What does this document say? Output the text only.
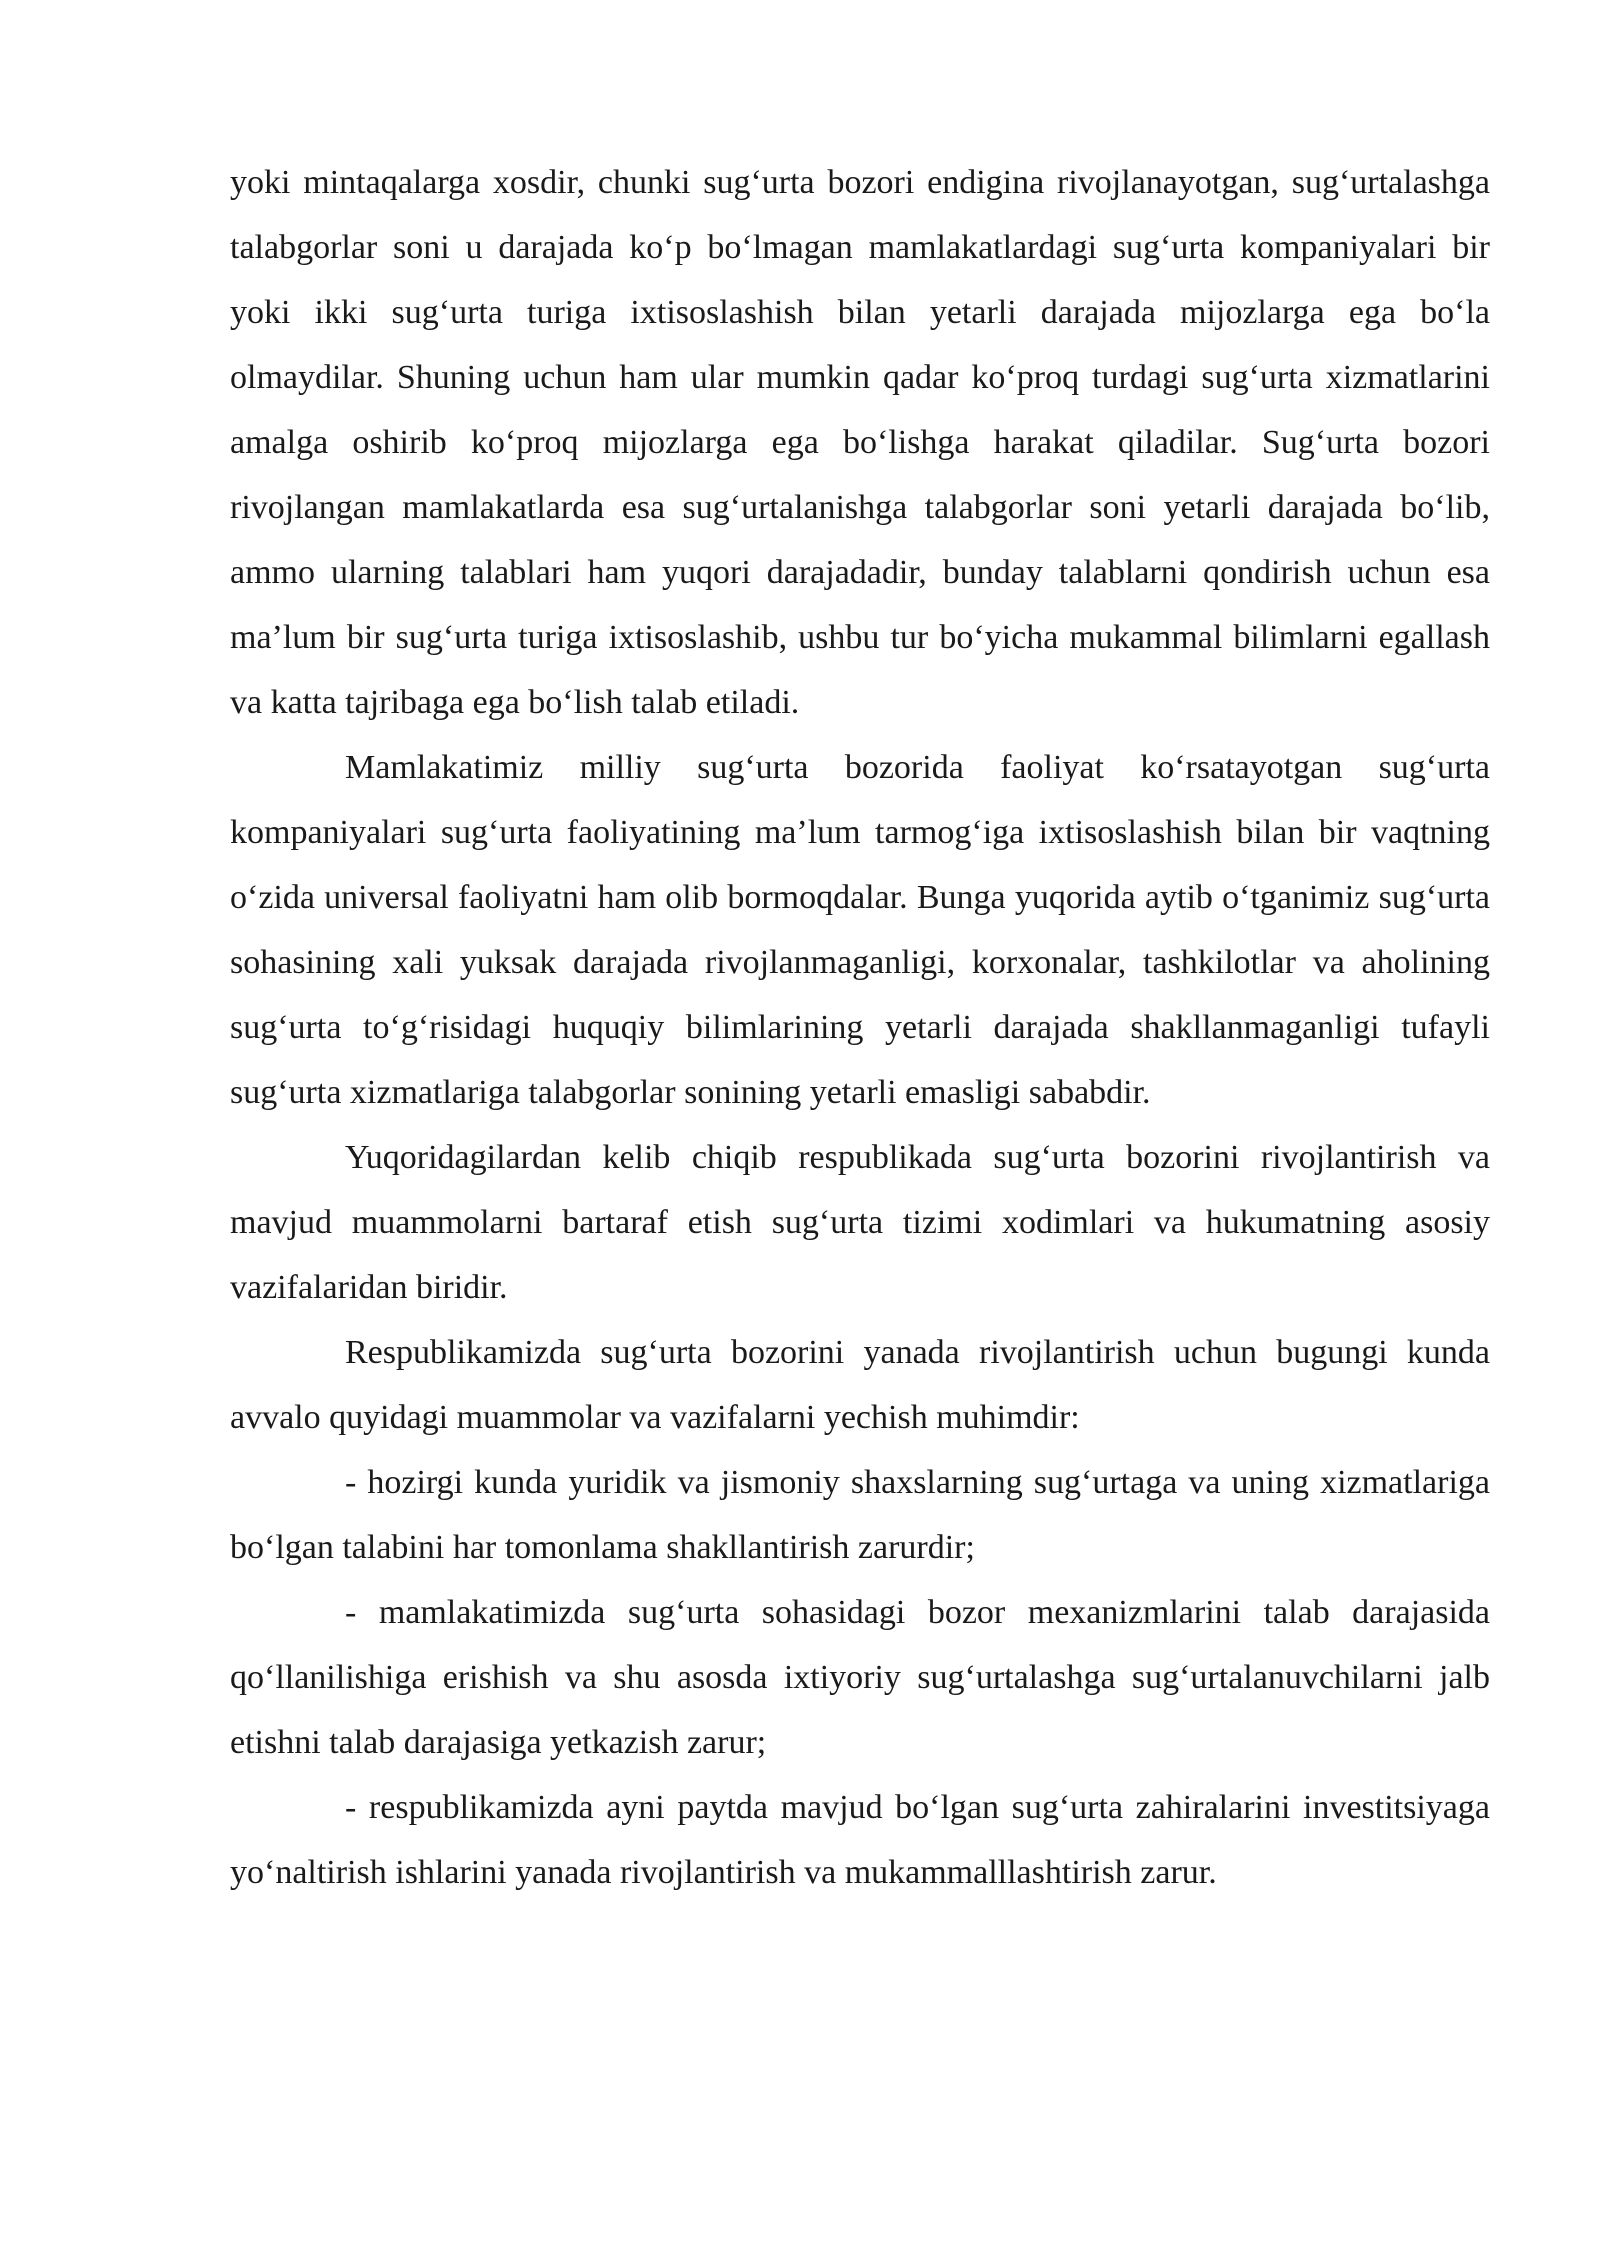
yoki mintaqalarga xosdir, chunki sug‘urta bozori endigina rivojlanayotgan, sug‘urtalashga talabgorlar soni u darajada ko‘p bo‘lmagan mamlakatlardagi sug‘urta kompaniyalari bir yoki ikki sug‘urta turiga ixtisoslashish bilan yetarli darajada mijozlarga ega bo‘la olmaydilar. Shuning uchun ham ular mumkin qadar ko‘proq turdagi sug‘urta xizmatlarini amalga oshirib ko‘proq mijozlarga ega bo‘lishga harakat qiladilar. Sug‘urta bozori rivojlangan mamlakatlarda esa sug‘urtalanishga talabgorlar soni yetarli darajada bo‘lib, ammo ularning talablari ham yuqori darajadadir, bunday talablarni qondirish uchun esa ma’lum bir sug‘urta turiga ixtisoslashib, ushbu tur bo‘yicha mukammal bilimlarni egallash va katta tajribaga ega bo‘lish talab etiladi.

Mamlakatimiz milliy sug‘urta bozorida faoliyat ko‘rsatayotgan sug‘urta kompaniyalari sug‘urta faoliyatining ma’lum tarmog‘iga ixtisoslashish bilan bir vaqtning o‘zida universal faoliyatni ham olib bormoqdalar. Bunga yuqorida aytib o‘tganimiz sug‘urta sohasining xali yuksak darajada rivojlanmaganligi, korxonalar, tashkilotlar va aholining sug‘urta to‘g‘risidagi huquqiy bilimlarining yetarli darajada shakllanmaganligi tufayli sug‘urta xizmatlariga talabgorlar sonining yetarli emasligi sababdir.

Yuqoridagilardan kelib chiqib respublikada sug‘urta bozorini rivojlantirish va mavjud muammolarni bartaraf etish sug‘urta tizimi xodimlari va hukumatning asosiy vazifalaridan biridir.

Respublikamizda sug‘urta bozorini yanada rivojlantirish uchun bugungi kunda avvalo quyidagi muammolar va vazifalarni yechish muhimdir:

- hozirgi kunda yuridik va jismoniy shaxslarning sug‘urtaga va uning xizmatlariga bo‘lgan talabini har tomonlama shakllantirish zarurdir;

- mamlakatimizda sug‘urta sohasidagi bozor mexanizmlarini talab darajasida qo‘llanilishiga erishish va shu asosda ixtiyoriy sug‘urtalashga sug‘urtalanuvchilarni jalb etishni talab darajasiga yetkazish zarur;

- respublikamizda ayni paytda mavjud bo‘lgan sug‘urta zahiralarini investitsiyaga yo‘naltirish ishlarini yanada rivojlantirish va mukammalllashtirish zarur.
